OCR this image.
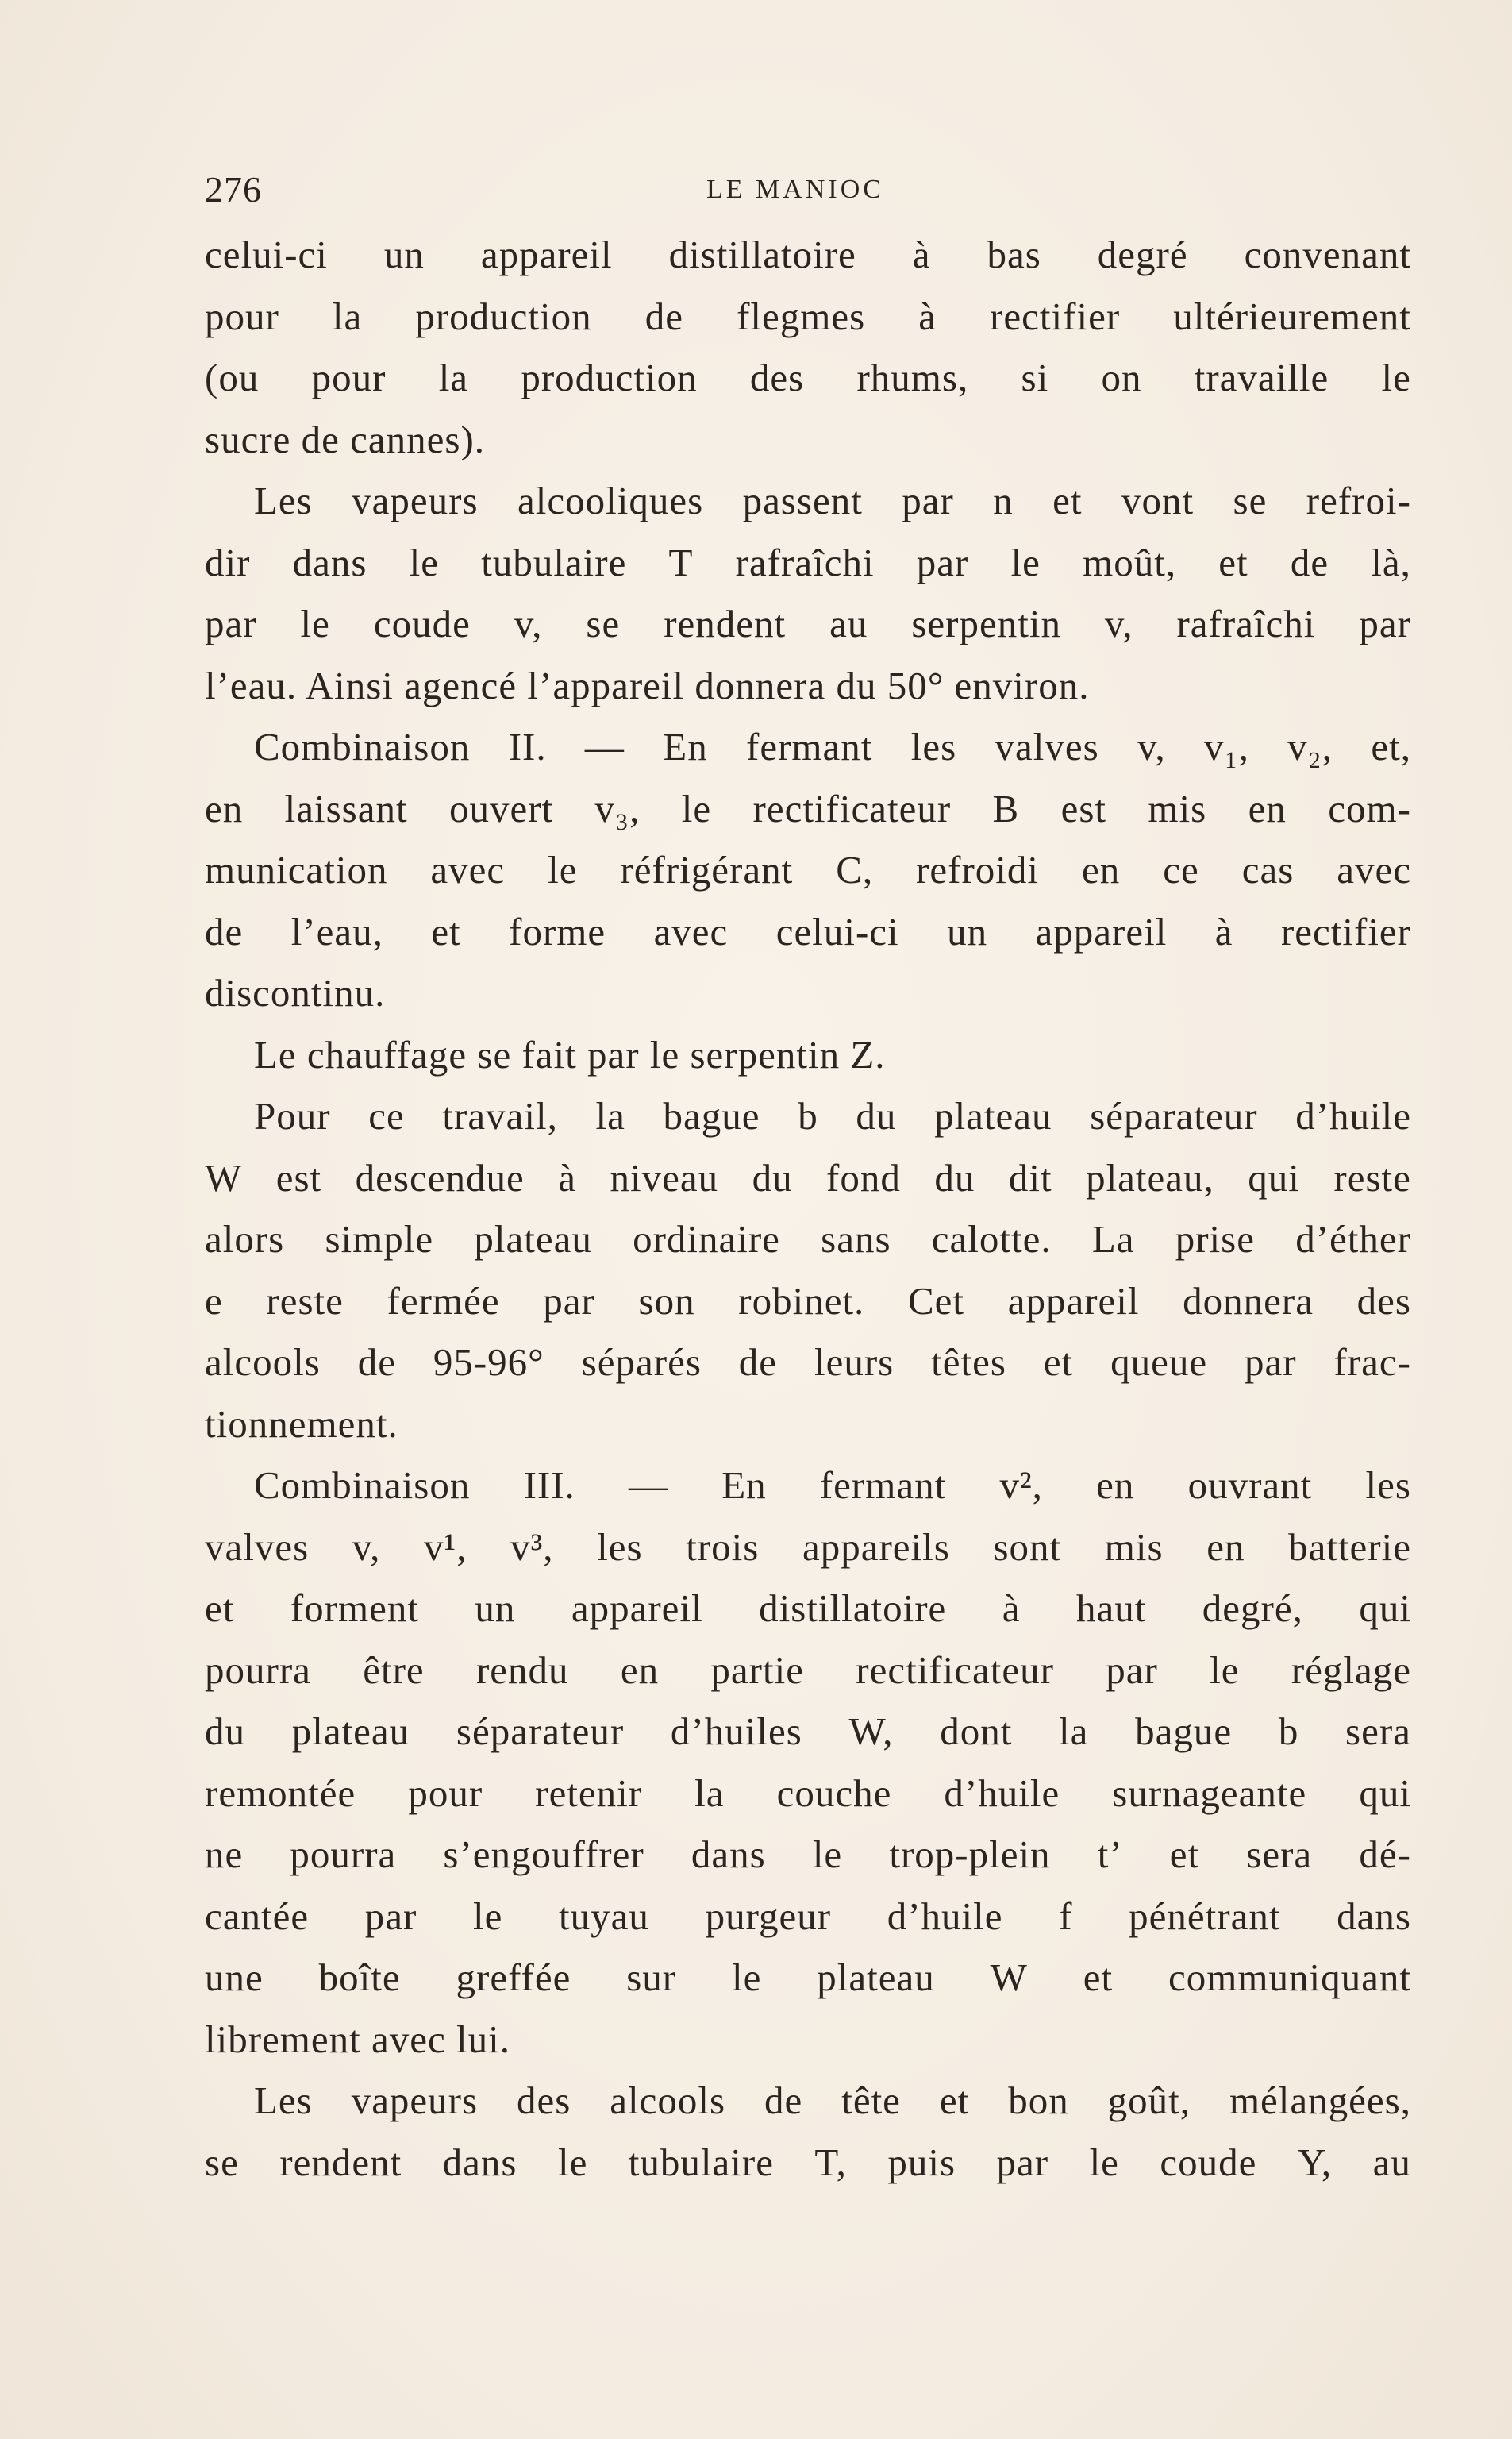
276	LE MANIOC
celui-ci un appareil distillatoire à bas degré convenant
pour la production de flegmes à rectifier ultérieurement
(ou pour la production des rhums, si on travaille le
sucre de cannes).
Les vapeurs alcooliques passent par n et vont se refroi-
dir dans le tubulaire T rafraîchi par le moût, et de là,
par le coude v, se rendent au serpentin v, rafraîchi par
l’eau. Ainsi agencé l’appareil donnera du 50° environ.
Combinaison II. — En fermant les valves v, v₁, v₂, et,
en laissant ouvert v₃, le rectificateur B est mis en com-
munication avec le réfrigérant C, refroidi en ce cas avec
de l’eau, et forme avec celui-ci un appareil à rectifier
discontinu.
Le chauffage se fait par le serpentin Z.
Pour ce travail, la bague b du plateau séparateur d’huile
W est descendue à niveau du fond du dit plateau, qui reste
alors simple plateau ordinaire sans calotte. La prise d’éther
e reste fermée par son robinet. Cet appareil donnera des
alcools de 95-96° séparés de leurs têtes et queue par frac-
tionnement.
Combinaison III. — En fermant v², en ouvrant les
valves v, v¹, v³, les trois appareils sont mis en batterie
et forment un appareil distillatoire à haut degré, qui
pourra être rendu en partie rectificateur par le réglage
du plateau séparateur d’huiles W, dont la bague b sera
remontée pour retenir la couche d’huile surnageante qui
ne pourra s’engouffrer dans le trop-plein t’ et sera dé-
cantée par le tuyau purgeur d’huile f pénétrant dans
une boîte greffée sur le plateau W et communiquant
librement avec lui.
Les vapeurs des alcools de tête et bon goût, mélangées,
se rendent dans le tubulaire T, puis par le coude Y, au
